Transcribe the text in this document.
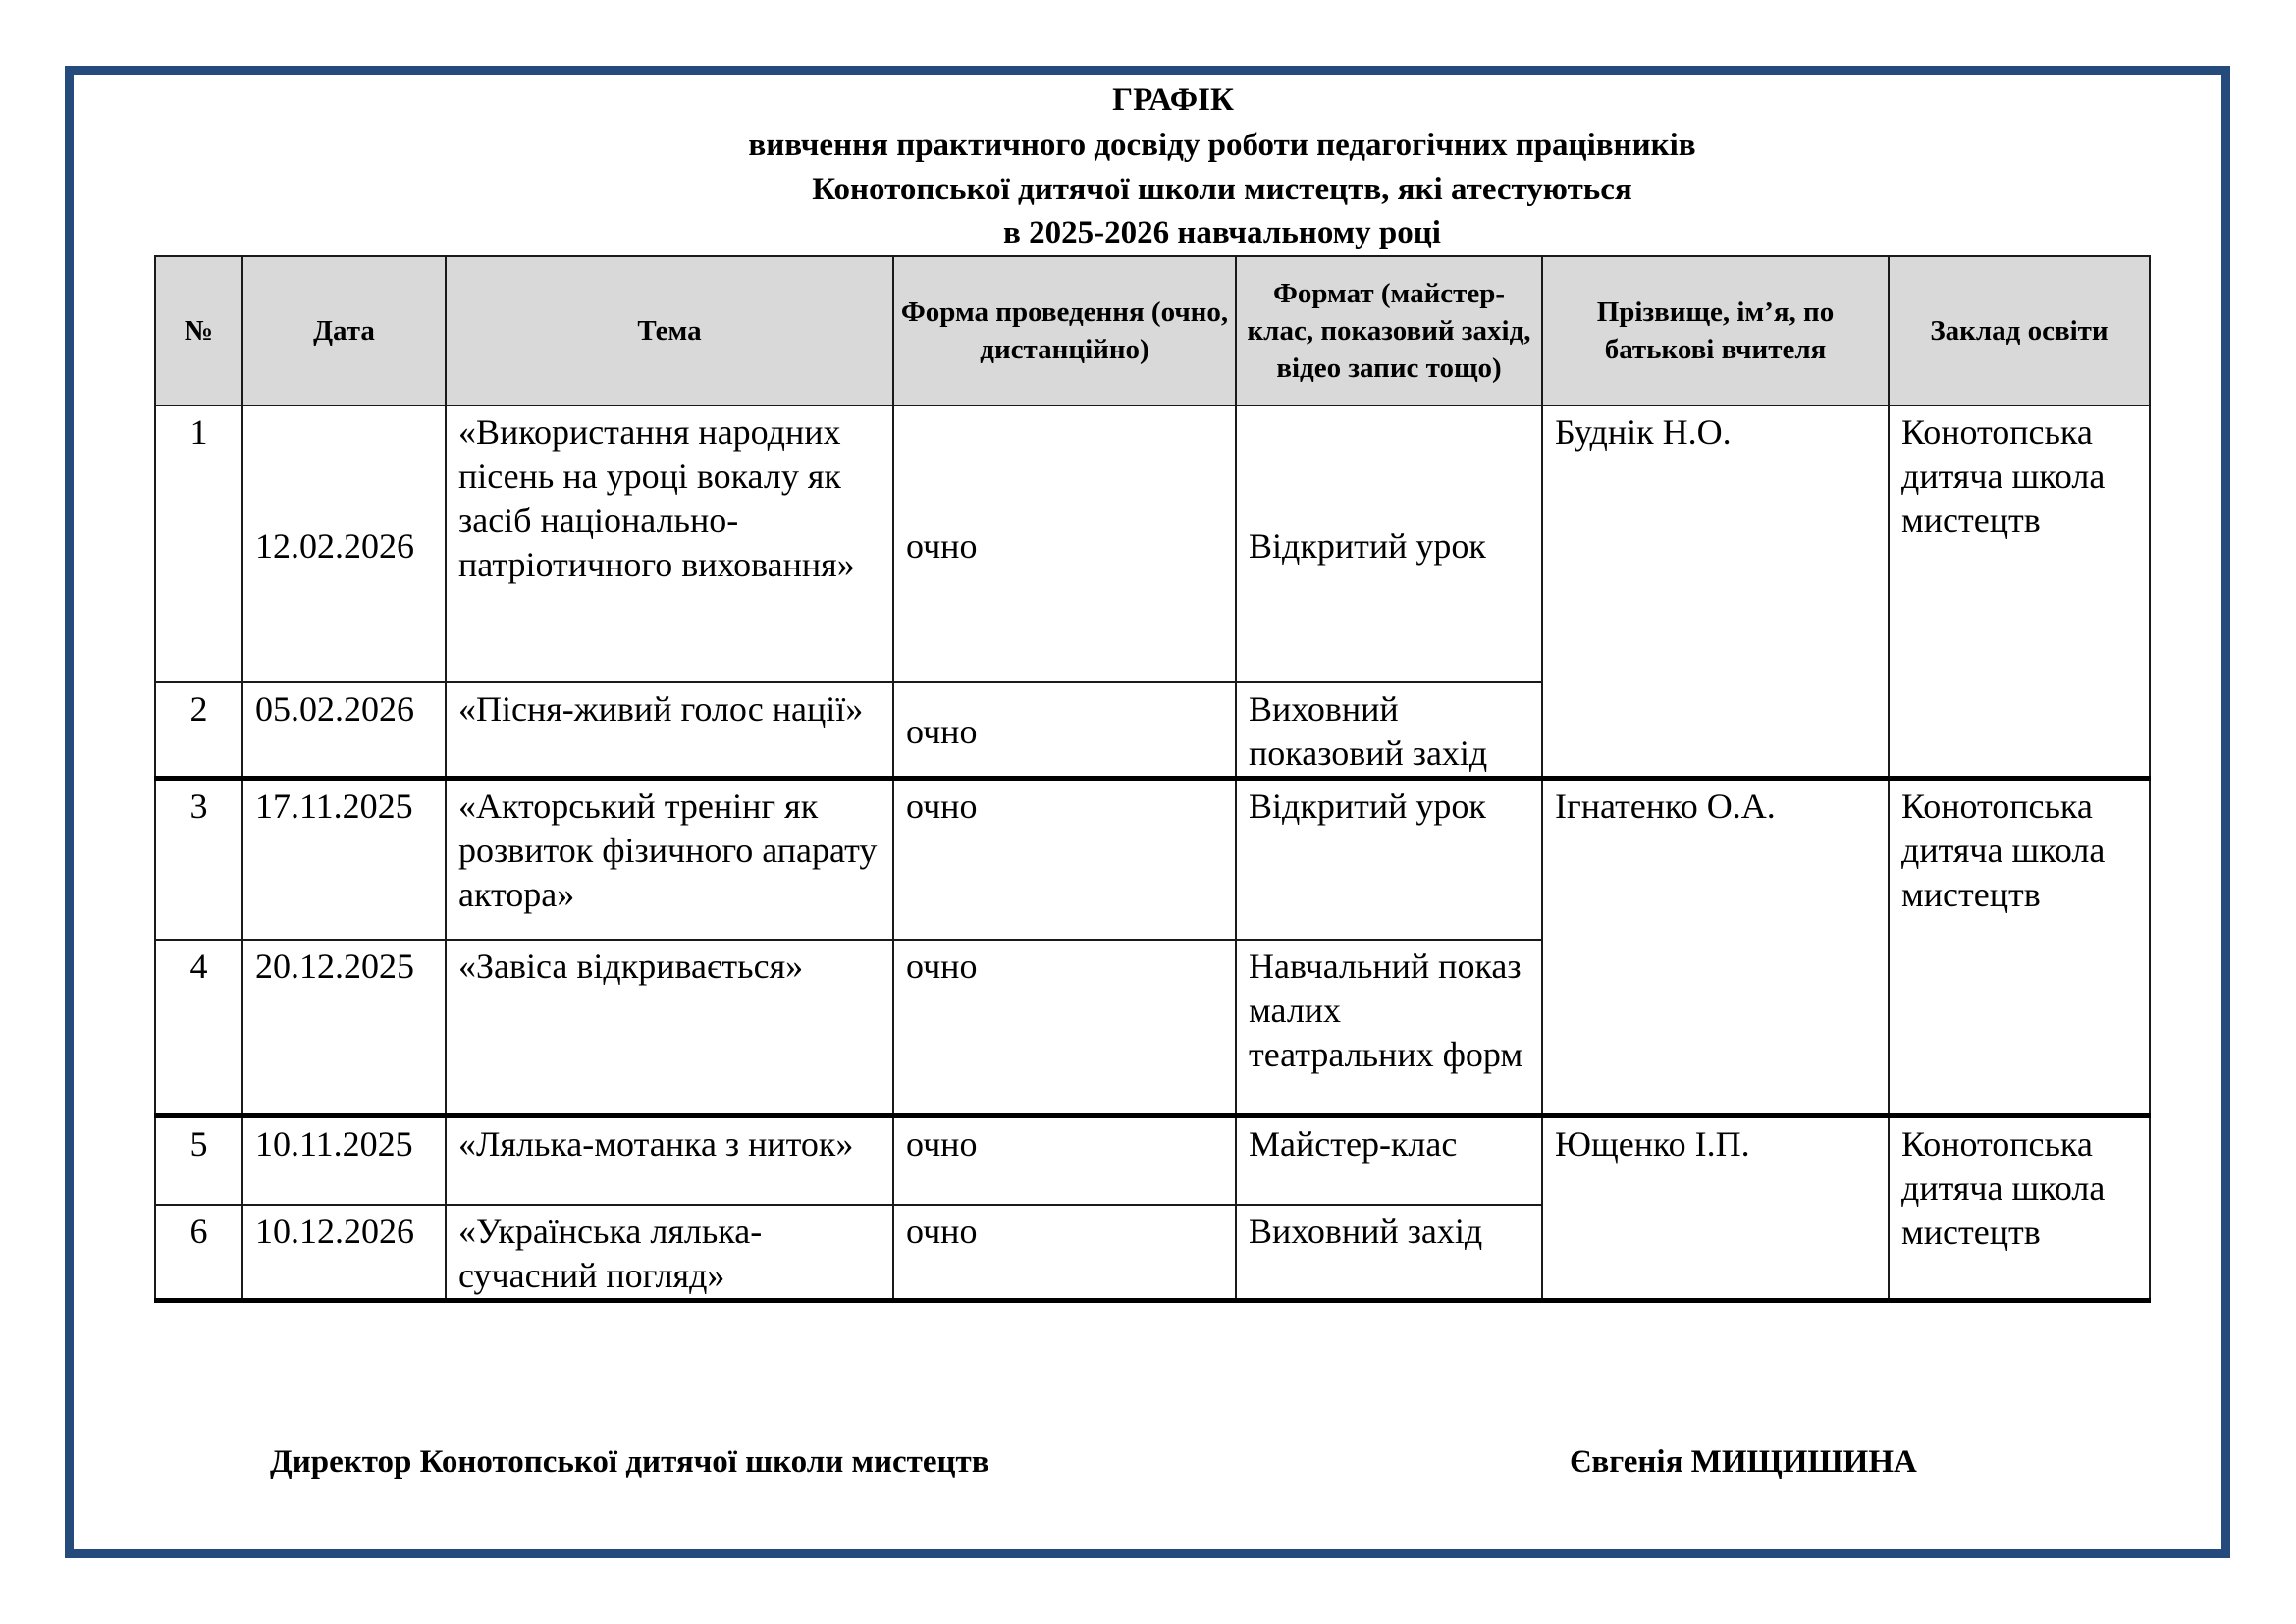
ГРАФІК
вивчення практичного досвіду роботи педагогічних працівників
Конотопської дитячої школи мистецтв, які атестуються
в 2025-2026 навчальному році
№	Дата	Тема	Форма проведення (очно, дистанційно)	Формат (майстер-клас, показовий захід, відео запис тощо)	Прізвище, ім’я, по батькові вчителя	Заклад освіти
1	12.02.2026	«Використання народних пісень на уроці вокалу як засіб національно-патріотичного виховання»	очно	Відкритий урок	Буднік Н.О.	Конотопська дитяча школа мистецтв
2	05.02.2026	«Пісня-живий голос нації»	очно	Виховний показовий захід		
3	17.11.2025	«Акторський тренінг як розвиток фізичного апарату актора»	очно	Відкритий урок	Ігнатенко О.А.	Конотопська дитяча школа мистецтв
4	20.12.2025	«Завіса відкривається»	очно	Навчальний показ малих театральних форм		
5	10.11.2025	«Лялька-мотанка з ниток»	очно	Майстер-клас	Ющенко І.П.	Конотопська дитяча школа мистецтв
6	10.12.2026	«Українська лялька-сучасний погляд»	очно	Виховний захід		
Директор Конотопської дитячої школи мистецтв	Євгенія МИЩИШИНА
